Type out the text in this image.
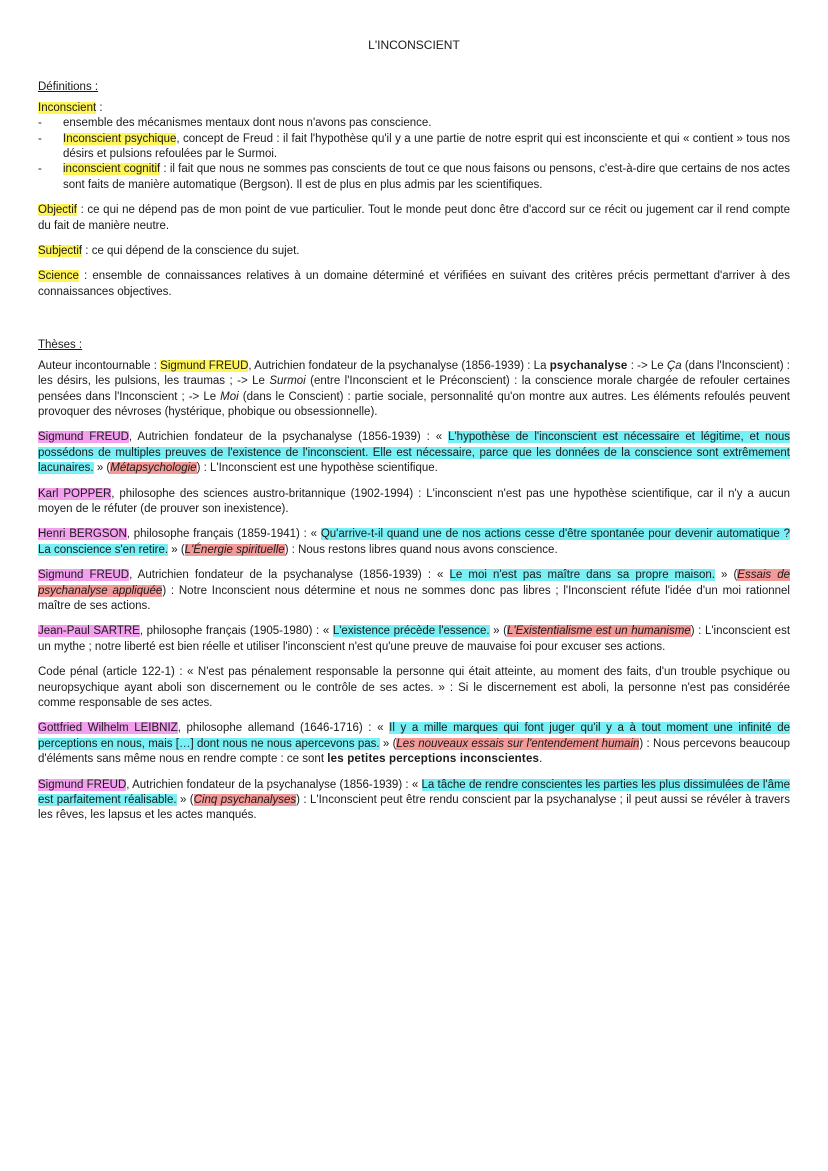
L'INCONSCIENT
Définitions :

Inconscient :

- ensemble des mécanismes mentaux dont nous n'avons pas conscience.
- Inconscient psychique, concept de Freud : il fait l'hypothèse qu'il y a une partie de notre esprit qui est inconsciente et qui « contient » tous nos désirs et pulsions refoulées par le Surmoi.
- inconscient cognitif : il fait que nous ne sommes pas conscients de tout ce que nous faisons ou pensons, c'est-à-dire que certains de nos actes sont faits de manière automatique (Bergson). Il est de plus en plus admis par les scientifiques.

Objectif : ce qui ne dépend pas de mon point de vue particulier. Tout le monde peut donc être d'accord sur ce récit ou jugement car il rend compte du fait de manière neutre.

Subjectif : ce qui dépend de la conscience du sujet.

Science : ensemble de connaissances relatives à un domaine déterminé et vérifiées en suivant des critères précis permettant d'arriver à des connaissances objectives.

Thèses :

Auteur incontournable : Sigmund FREUD, Autrichien fondateur de la psychanalyse (1856-1939) : La psychanalyse : -> Le Ça (dans l'Inconscient) : les désirs, les pulsions, les traumas ; -> Le Surmoi (entre l'Inconscient et le Préconscient) : la conscience morale chargée de refouler certaines pensées dans l'Inconscient ; -> Le Moi (dans le Conscient) : partie sociale, personnalité qu'on montre aux autres. Les éléments refoulés peuvent provoquer des névroses (hystérique, phobique ou obsessionnelle).

Sigmund FREUD, Autrichien fondateur de la psychanalyse (1856-1939) : « L'hypothèse de l'inconscient est nécessaire et légitime, et nous possédons de multiples preuves de l'existence de l'inconscient. Elle est nécessaire, parce que les données de la conscience sont extrêmement lacunaires. » (Métapsychologie) : L'Inconscient est une hypothèse scientifique.

Karl POPPER, philosophe des sciences austro-britannique (1902-1994) : L'inconscient n'est pas une hypothèse scientifique, car il n'y a aucun moyen de le réfuter (de prouver son inexistence).

Henri BERGSON, philosophe français (1859-1941) : « Qu'arrive-t-il quand une de nos actions cesse d'être spontanée pour devenir automatique ? La conscience s'en retire. » (L'Énergie spirituelle) : Nous restons libres quand nous avons conscience.

Sigmund FREUD, Autrichien fondateur de la psychanalyse (1856-1939) : « Le moi n'est pas maître dans sa propre maison. » (Essais de psychanalyse appliquée) : Notre Inconscient nous détermine et nous ne sommes donc pas libres ; l'Inconscient réfute l'idée d'un moi rationnel maître de ses actions.

Jean-Paul SARTRE, philosophe français (1905-1980) : « L'existence précède l'essence. » (L'Existentialisme est un humanisme) : L'inconscient est un mythe ; notre liberté est bien réelle et utiliser l'inconscient n'est qu'une preuve de mauvaise foi pour excuser ses actions.

Code pénal (article 122-1) : « N'est pas pénalement responsable la personne qui était atteinte, au moment des faits, d'un trouble psychique ou neuropsychique ayant aboli son discernement ou le contrôle de ses actes. » : Si le discernement est aboli, la personne n'est pas considérée comme responsable de ses actes.

Gottfried Wilhelm LEIBNIZ, philosophe allemand (1646-1716) : « Il y a mille marques qui font juger qu'il y a à tout moment une infinité de perceptions en nous, mais […] dont nous ne nous apercevons pas. » (Les nouveaux essais sur l'entendement humain) : Nous percevons beaucoup d'éléments sans même nous en rendre compte : ce sont les petites perceptions inconscientes.

Sigmund FREUD, Autrichien fondateur de la psychanalyse (1856-1939) : « La tâche de rendre conscientes les parties les plus dissimulées de l'âme est parfaitement réalisable. » (Cinq psychanalyses) : L'Inconscient peut être rendu conscient par la psychanalyse ; il peut aussi se révéler à travers les rêves, les lapsus et les actes manqués.
